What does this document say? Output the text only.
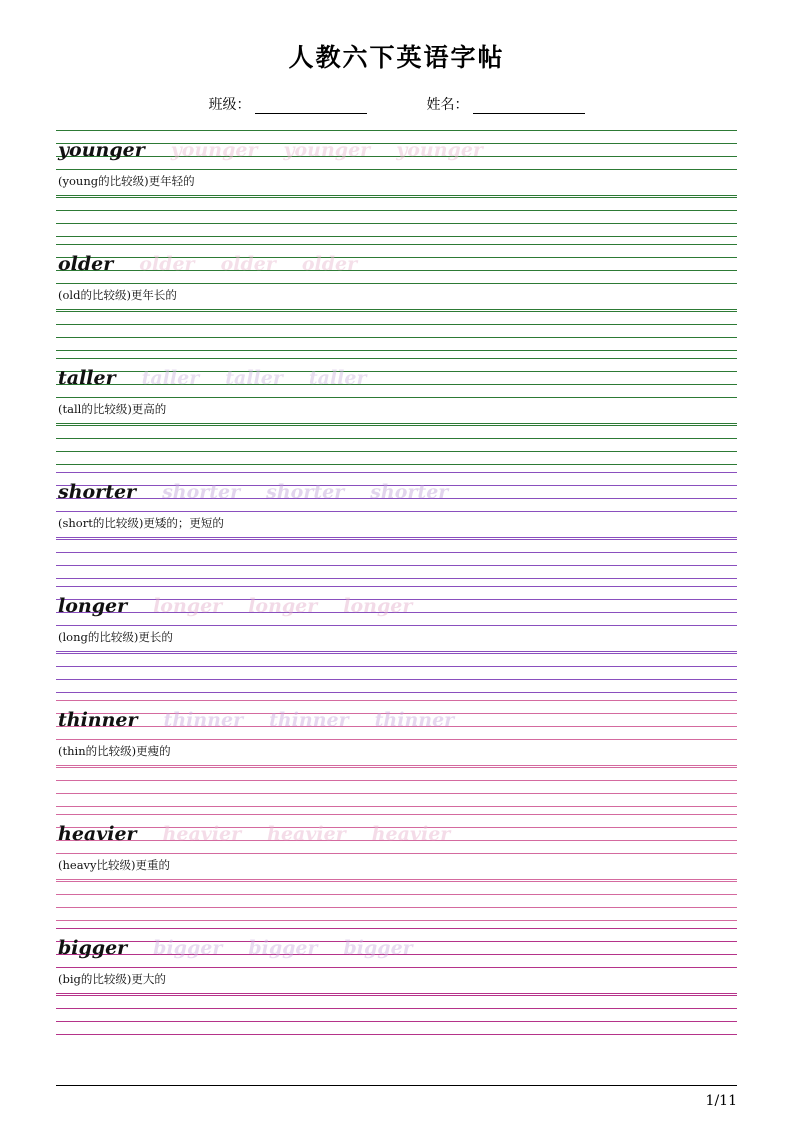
人教六下英语字帖
班级：	姓名：
younger younger younger younger
(young的比较级)更年轻的
older older older older
(old的比较级)更年长的
taller taller taller taller
(tall的比较级)更高的
shorter shorter shorter shorter
(short的比较级)更矮的；更短的
longer longer longer longer
(long的比较级)更长的
thinner thinner thinner thinner
(thin的比较级)更瘦的
heavier heavier heavier heavier
(heavy比较级)更重的
bigger bigger bigger bigger
(big的比较级)更大的
1/11
